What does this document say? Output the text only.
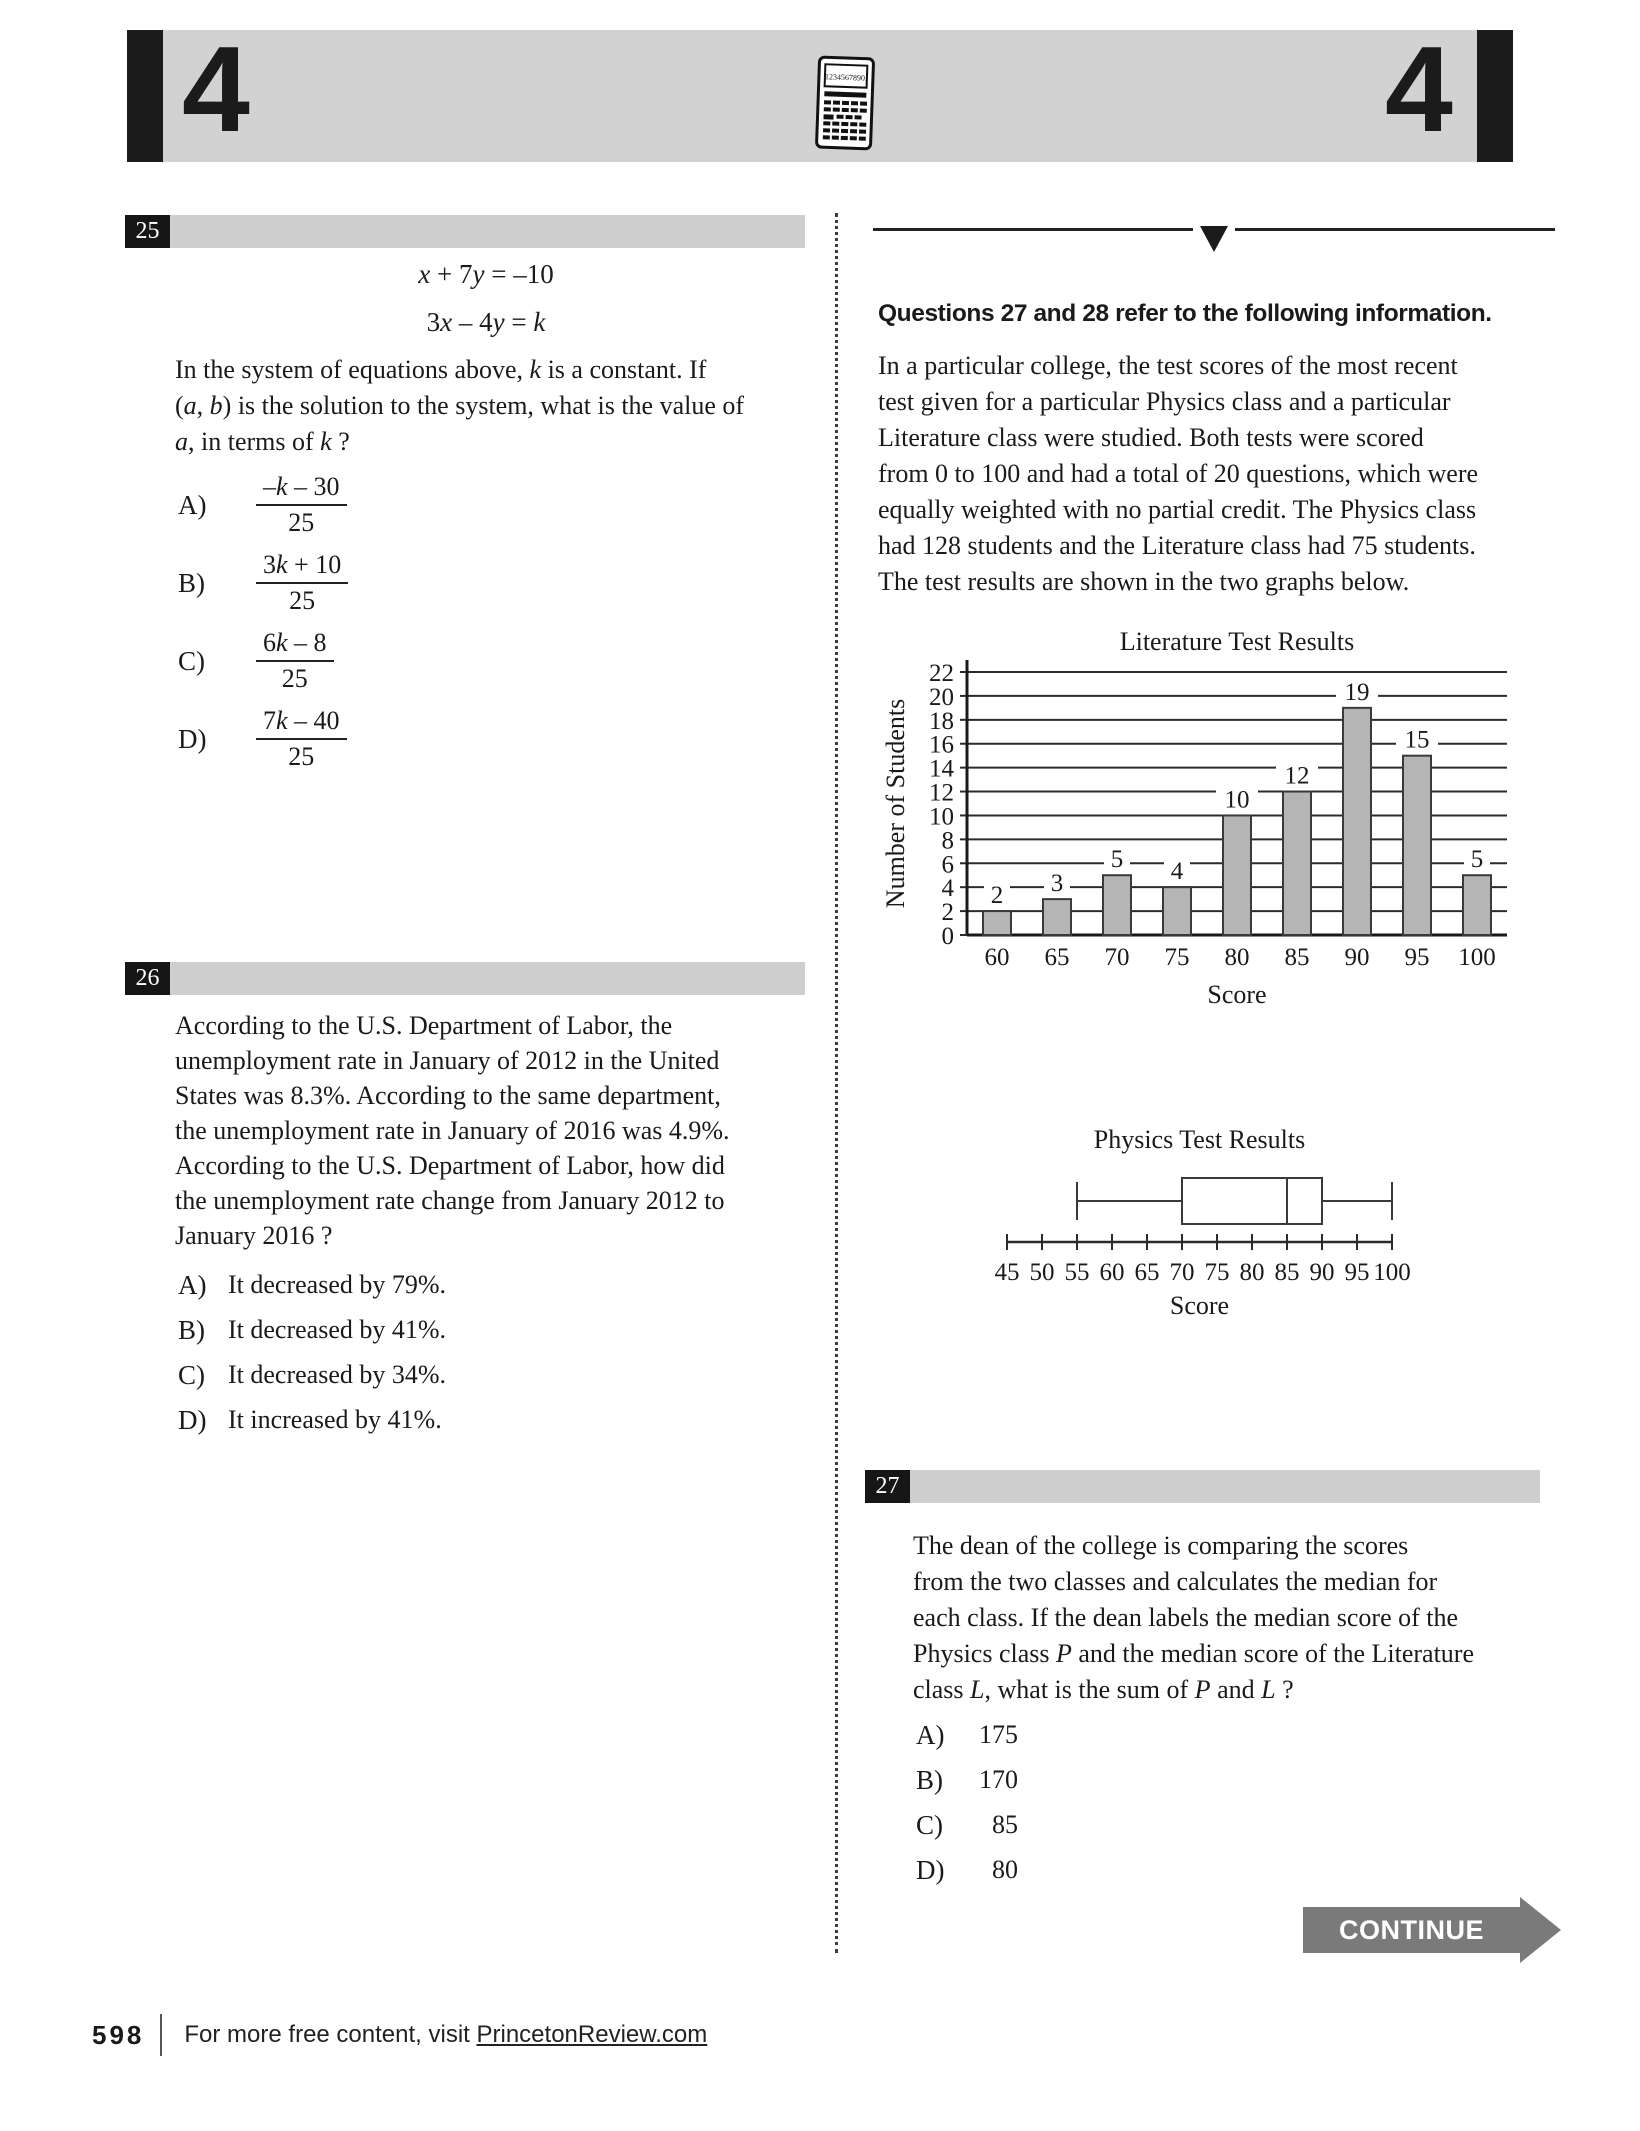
4	4
1234567890.
25
x + 7y = –10
3x – 4y = k
In the system of equations above, k is a constant. If
(a, b) is the solution to the system, what is the value of
a, in terms of k ?
A)	$\frac{-k - 30}{25}$
B)	$\frac{3k + 10}{25}$
C)	$\frac{6k - 8}{25}$
D)	$\frac{7k - 40}{25}$
26
According to the U.S. Department of Labor, the
unemployment rate in January of 2012 in the United
States was 8.3%. According to the same department,
the unemployment rate in January of 2016 was 4.9%.
According to the U.S. Department of Labor, how did
the unemployment rate change from January 2012 to
January 2016 ?
A) It decreased by 79%.
B) It decreased by 41%.
C) It decreased by 34%.
D) It increased by 41%.
Questions 27 and 28 refer to the following information.
In a particular college, the test scores of the most recent
test given for a particular Physics class and a particular
Literature class were studied. Both tests were scored
from 0 to 100 and had a total of 20 questions, which were
equally weighted with no partial credit. The Physics class
had 128 students and the Literature class had 75 students.
The test results are shown in the two graphs below.
Literature Test Results
0
2
4
6
8
10
12
14
16
18
20
22
2 3
5 4
10
12
19
15
5
60 65 70 75 80 85 90 95 100
Score
Number of Students
Physics Test Results
45 50 55 60 65 70 75 80 85 90 95 100
Score
27
The dean of the college is comparing the scores
from the two classes and calculates the median for
each class. If the dean labels the median score of the
Physics class P and the median score of the Literature
class L, what is the sum of P and L ?
A)	175
B)	170
C)	85
D)	80
CONTINUE
598 For more free content, visit PrincetonReview.com
